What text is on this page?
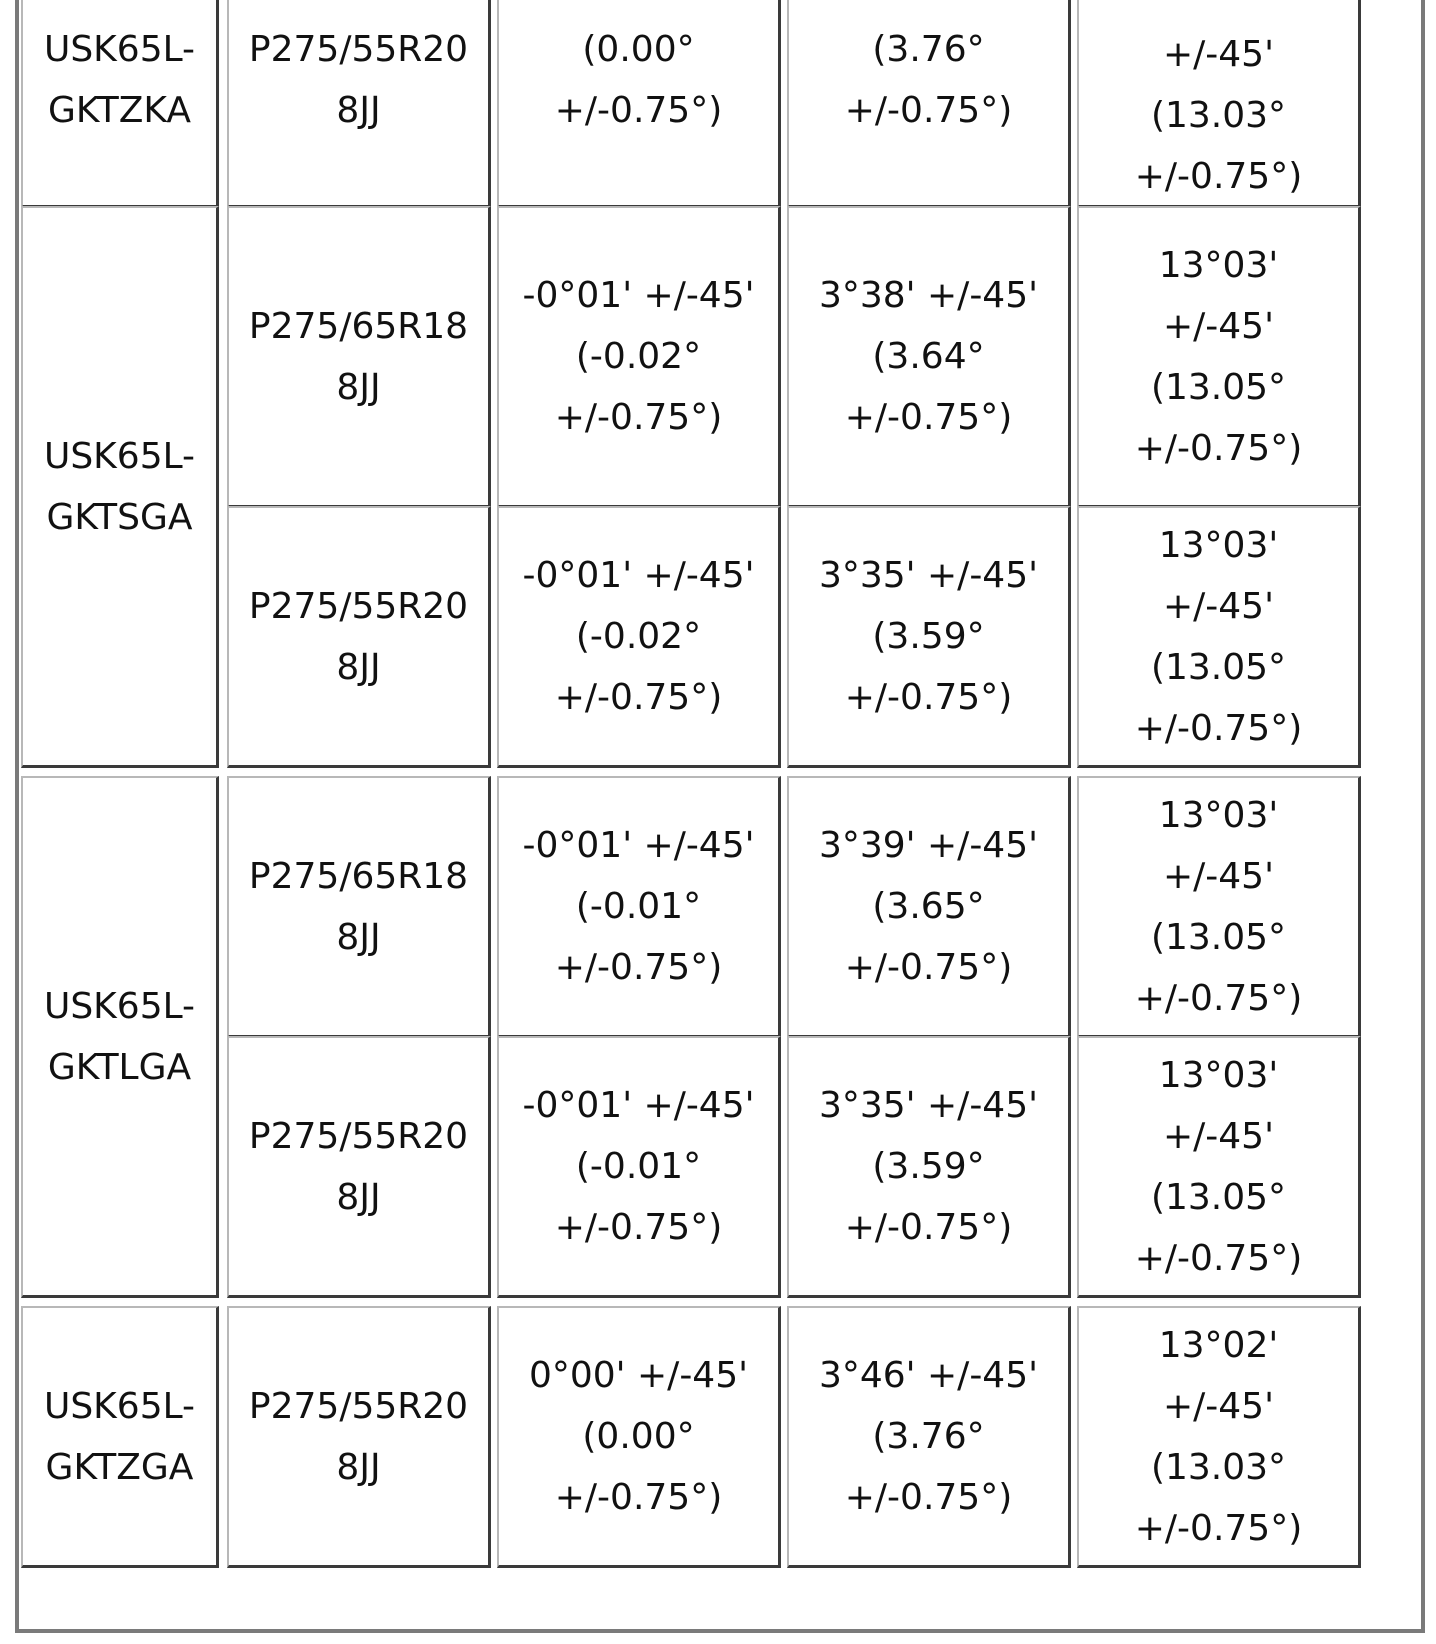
USK65L-
GKTZKA
P275/55R20
8JJ
(0.00°
+/-0.75°)
(3.76°
+/-0.75°)
+/-45'
(13.03°
+/-0.75°)
USK65L-
GKTSGA
P275/65R18
8JJ
-0°01' +/-45'
(-0.02°
+/-0.75°)
3°38' +/-45'
(3.64°
+/-0.75°)
13°03'
+/-45'
(13.05°
+/-0.75°)
P275/55R20
8JJ
-0°01' +/-45'
(-0.02°
+/-0.75°)
3°35' +/-45'
(3.59°
+/-0.75°)
13°03'
+/-45'
(13.05°
+/-0.75°)
USK65L-
GKTLGA
P275/65R18
8JJ
-0°01' +/-45'
(-0.01°
+/-0.75°)
3°39' +/-45'
(3.65°
+/-0.75°)
13°03'
+/-45'
(13.05°
+/-0.75°)
P275/55R20
8JJ
-0°01' +/-45'
(-0.01°
+/-0.75°)
3°35' +/-45'
(3.59°
+/-0.75°)
13°03'
+/-45'
(13.05°
+/-0.75°)
USK65L-
GKTZGA
P275/55R20
8JJ
0°00' +/-45'
(0.00°
+/-0.75°)
3°46' +/-45'
(3.76°
+/-0.75°)
13°02'
+/-45'
(13.03°
+/-0.75°)
